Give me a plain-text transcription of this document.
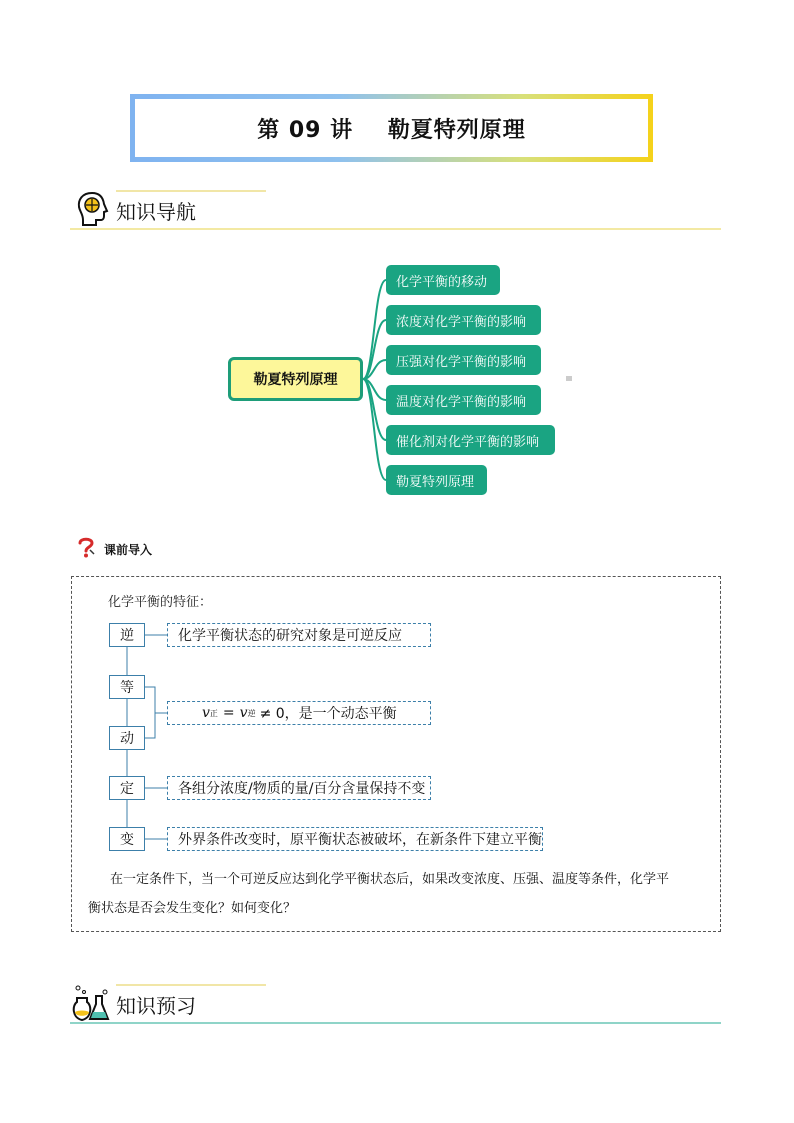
第 09 讲    勒夏特列原理
知识导航
勒夏特列原理
化学平衡的移动
浓度对化学平衡的影响
压强对化学平衡的影响
温度对化学平衡的影响
催化剂对化学平衡的影响
勒夏特列原理
课前导入
化学平衡的特征：
逆
等
动
定
变
化学平衡状态的研究对象是可逆反应
v 正 = v 逆 ≠ 0，是一个动态平衡
各组分浓度/物质的量/百分含量保持不变
外界条件改变时，原平衡状态被破坏，在新条件下建立平衡
在一定条件下，当一个可逆反应达到化学平衡状态后，如果改变浓度、压强、温度等条件，化学平
衡状态是否会发生变化？如何变化？
知识预习
